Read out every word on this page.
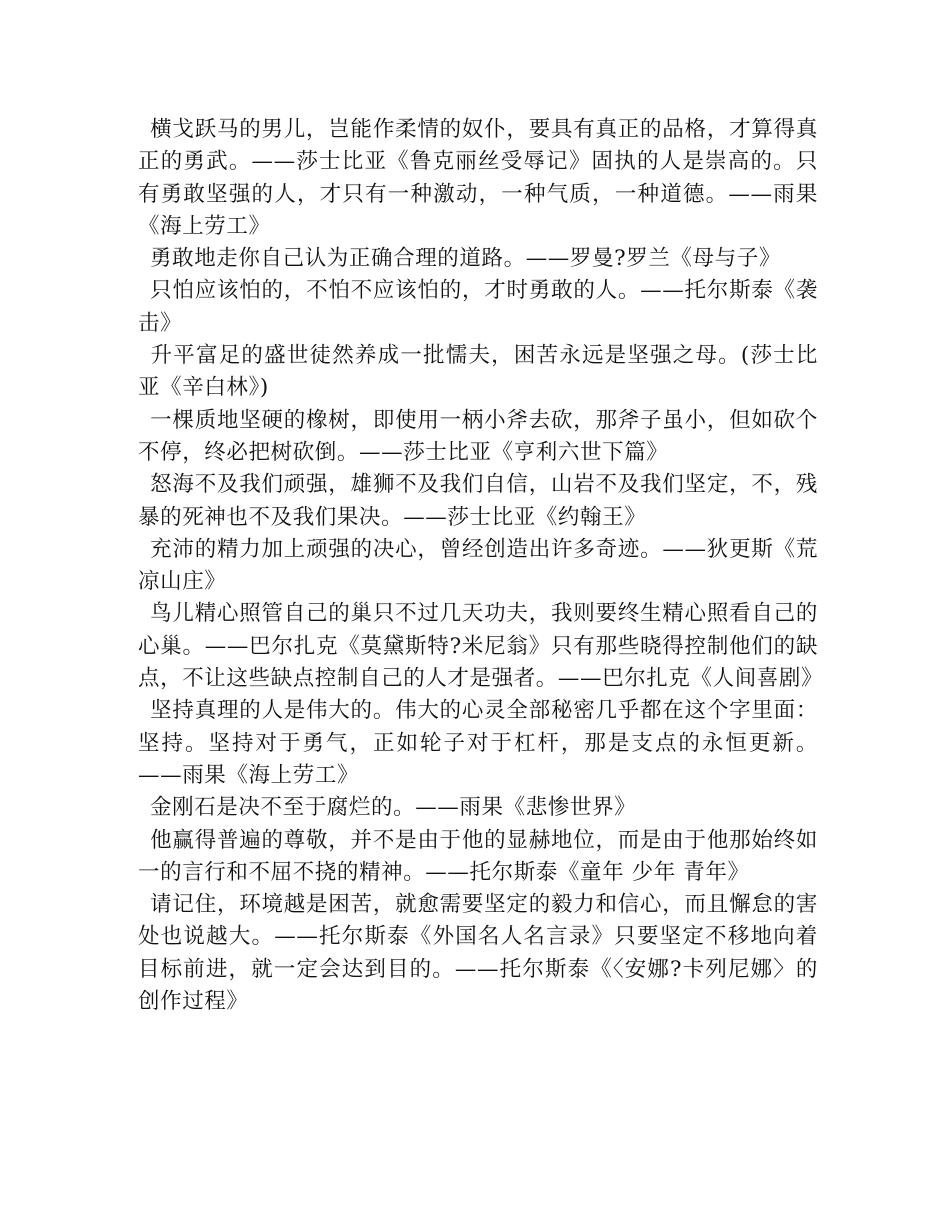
横戈跃马的男儿，岂能作柔情的奴仆，要具有真正的品格，才算得真正的勇武。——莎士比亚《鲁克丽丝受辱记》固执的人是崇高的。只有勇敢坚强的人，才只有一种激动，一种气质，一种道德。——雨果《海上劳工》

勇敢地走你自己认为正确合理的道路。——罗曼?罗兰《母与子》

只怕应该怕的，不怕不应该怕的，才时勇敢的人。——托尔斯泰《袭击》

升平富足的盛世徒然养成一批懦夫，困苦永远是坚强之母。(莎士比亚《辛白林》)

一棵质地坚硬的橡树，即使用一柄小斧去砍，那斧子虽小，但如砍个不停，终必把树砍倒。——莎士比亚《亨利六世下篇》

怒海不及我们顽强，雄狮不及我们自信，山岩不及我们坚定，不，残暴的死神也不及我们果决。——莎士比亚《约翰王》

充沛的精力加上顽强的决心，曾经创造出许多奇迹。——狄更斯《荒凉山庄》

鸟儿精心照管自己的巢只不过几天功夫，我则要终生精心照看自己的心巢。——巴尔扎克《莫黛斯特?米尼翁》只有那些晓得控制他们的缺点，不让这些缺点控制自己的人才是强者。——巴尔扎克《人间喜剧》

坚持真理的人是伟大的。伟大的心灵全部秘密几乎都在这个字里面：坚持。坚持对于勇气，正如轮子对于杠杆，那是支点的永恒更新。——雨果《海上劳工》

金刚石是决不至于腐烂的。——雨果《悲惨世界》

他赢得普遍的尊敬，并不是由于他的显赫地位，而是由于他那始终如一的言行和不屈不挠的精神。——托尔斯泰《童年 少年 青年》

请记住，环境越是困苦，就愈需要坚定的毅力和信心，而且懈怠的害处也说越大。——托尔斯泰《外国名人名言录》只要坚定不移地向着目标前进，就一定会达到目的。——托尔斯泰《〈安娜?卡列尼娜〉的创作过程》
